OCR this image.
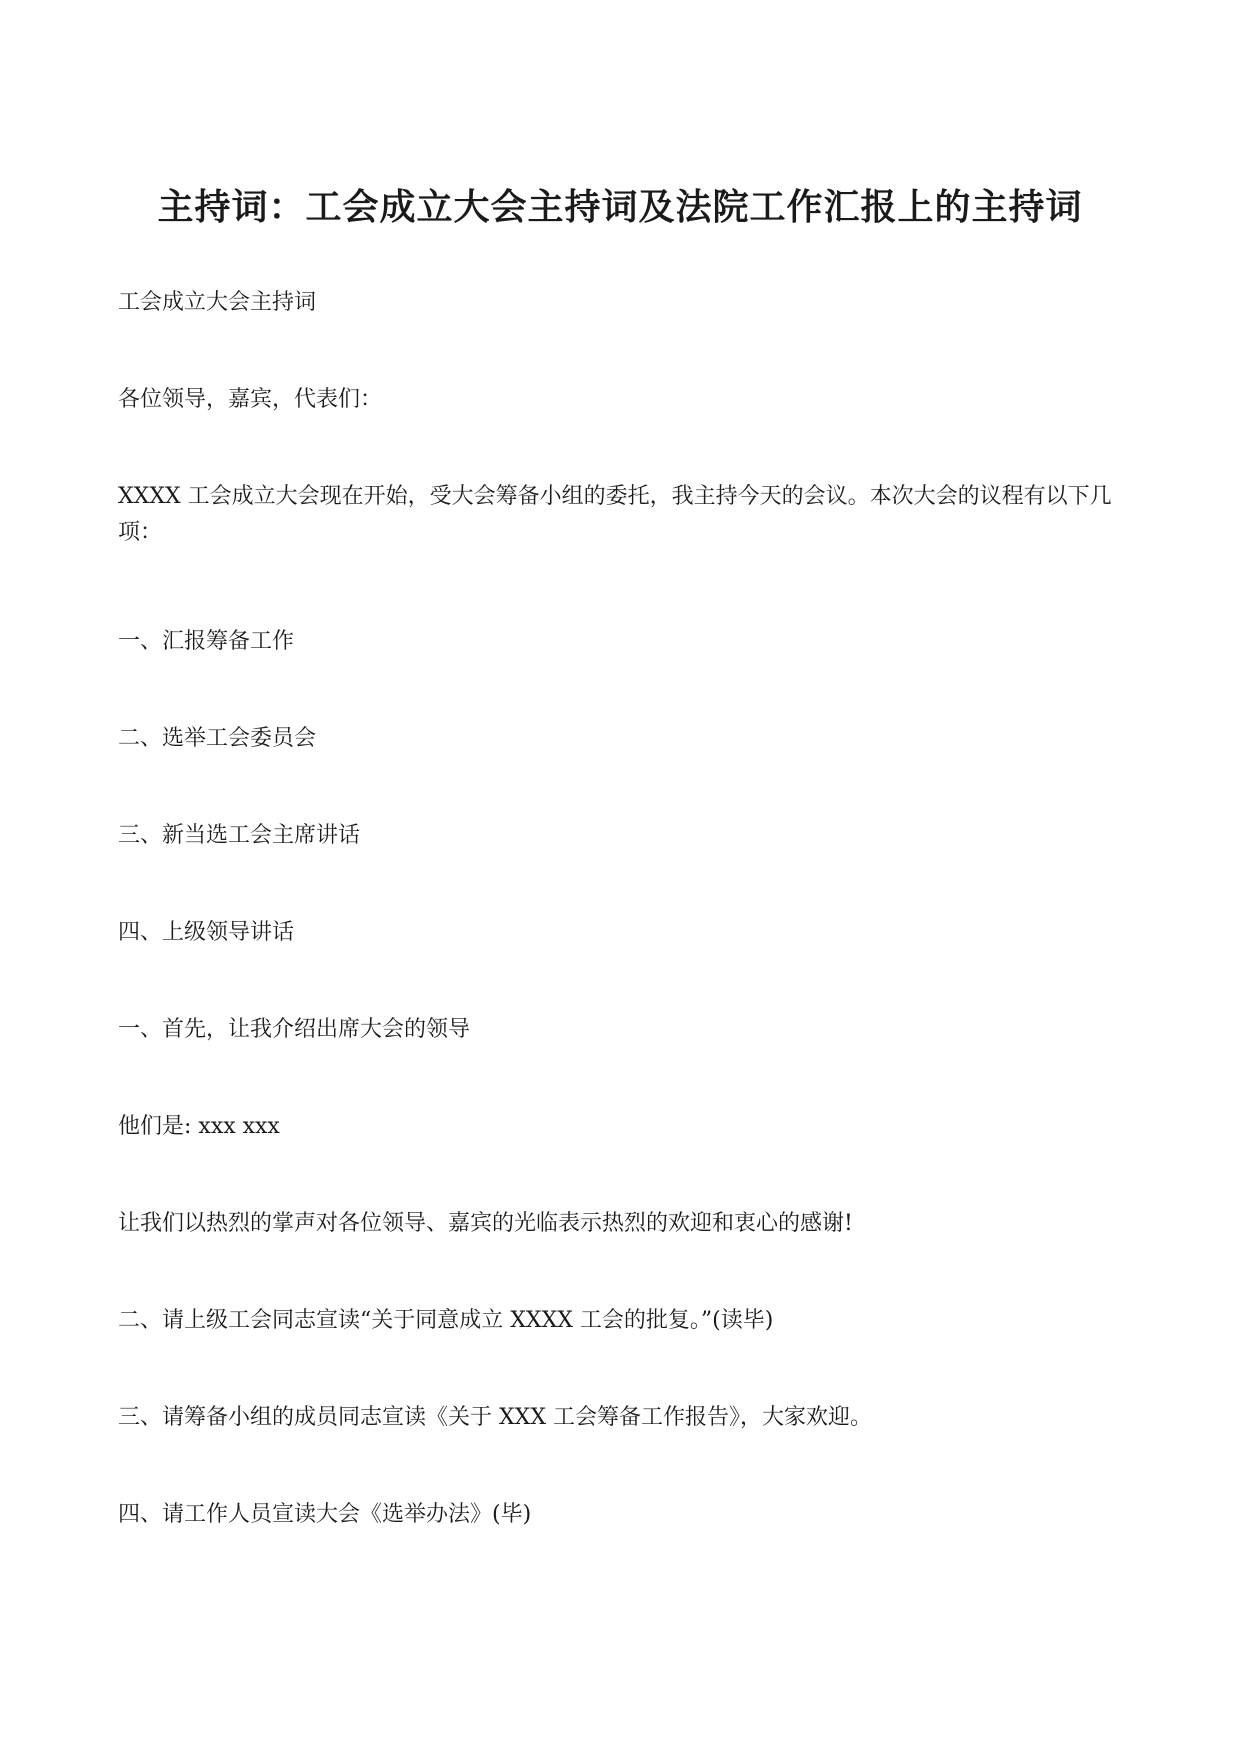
主持词：工会成立大会主持词及法院工作汇报上的主持词

工会成立大会主持词

各位领导，嘉宾，代表们：

XXXX 工会成立大会现在开始，受大会筹备小组的委托，我主持今天的会议。本次大会的议程有以下几项：

一、汇报筹备工作

二、选举工会委员会

三、新当选工会主席讲话

四、上级领导讲话

一、首先，让我介绍出席大会的领导

他们是: xxx xxx

让我们以热烈的掌声对各位领导、嘉宾的光临表示热烈的欢迎和衷心的感谢!

二、请上级工会同志宣读“关于同意成立 XXXX 工会的批复。”(读毕)

三、请筹备小组的成员同志宣读《关于 XXX 工会筹备工作报告》，大家欢迎。

四、请工作人员宣读大会《选举办法》(毕)
